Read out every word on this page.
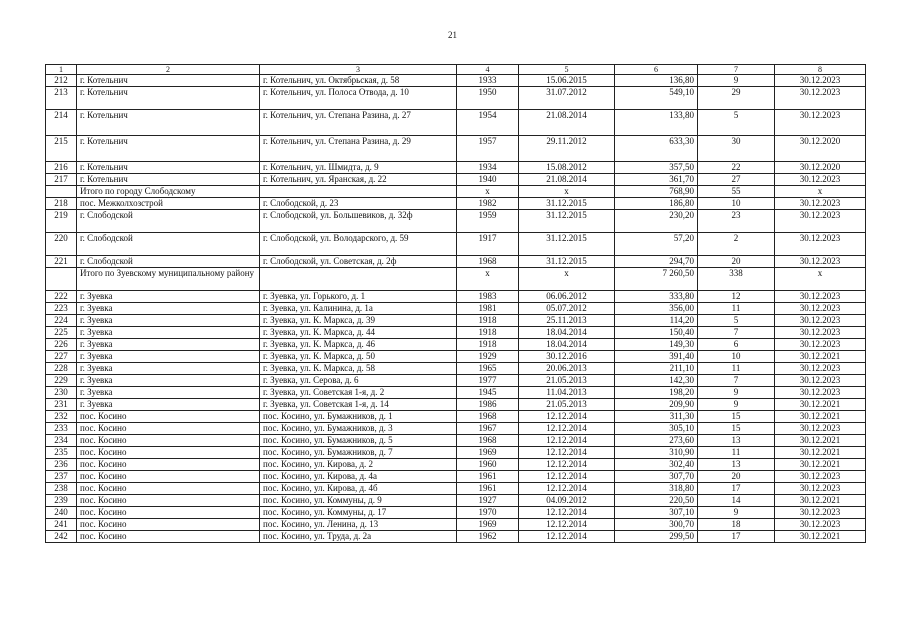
21
1	2	3	4	5	6	7	8
212	г. Котельнич	г. Котельнич, ул. Октябрьская, д. 58	1933	15.06.2015	136,80	9	30.12.2023
213	г. Котельнич	г. Котельнич, ул. Полоса Отвода, д. 10	1950	31.07.2012	549,10	29	30.12.2023
214	г. Котельнич	г. Котельнич, ул. Степана Разина, д. 27	1954	21.08.2014	133,80	5	30.12.2023
215	г. Котельнич	г. Котельнич, ул. Степана Разина, д. 29	1957	29.11.2012	633,30	30	30.12.2020
216	г. Котельнич	г. Котельнич, ул. Шмидта, д. 9	1934	15.08.2012	357,50	22	30.12.2020
217	г. Котельнич	г. Котельнич, ул. Яранская, д. 22	1940	21.08.2014	361,70	27	30.12.2023
	Итого по городу Слободскому		x	x	768,90	55	x
218	пос. Межколхозстрой	г. Слободской, д. 23	1982	31.12.2015	186,80	10	30.12.2023
219	г. Слободской	г. Слободской, ул. Большевиков, д. 32ф	1959	31.12.2015	230,20	23	30.12.2023
220	г. Слободской	г. Слободской, ул. Володарского, д. 59	1917	31.12.2015	57,20	2	30.12.2023
221	г. Слободской	г. Слободской, ул. Советская, д. 2ф	1968	31.12.2015	294,70	20	30.12.2023
	Итого по Зуевскому муниципальному району		x	x	7 260,50	338	x
222	г. Зуевка	г. Зуевка, ул. Горького, д. 1	1983	06.06.2012	333,80	12	30.12.2023
223	г. Зуевка	г. Зуевка, ул. Калинина, д. 1а	1981	05.07.2012	356,00	11	30.12.2023
224	г. Зуевка	г. Зуевка, ул. К. Маркса, д. 39	1918	25.11.2013	114,20	5	30.12.2023
225	г. Зуевка	г. Зуевка, ул. К. Маркса, д. 44	1918	18.04.2014	150,40	7	30.12.2023
226	г. Зуевка	г. Зуевка, ул. К. Маркса, д. 46	1918	18.04.2014	149,30	6	30.12.2023
227	г. Зуевка	г. Зуевка, ул. К. Маркса, д. 50	1929	30.12.2016	391,40	10	30.12.2021
228	г. Зуевка	г. Зуевка, ул. К. Маркса, д. 58	1965	20.06.2013	211,10	11	30.12.2023
229	г. Зуевка	г. Зуевка, ул. Серова, д. 6	1977	21.05.2013	142,30	7	30.12.2023
230	г. Зуевка	г. Зуевка, ул. Советская 1-я, д. 2	1945	11.04.2013	198,20	9	30.12.2023
231	г. Зуевка	г. Зуевка, ул. Советская 1-я, д. 14	1986	21.05.2013	209,90	9	30.12.2021
232	пос. Косино	пос. Косино, ул. Бумажников, д. 1	1968	12.12.2014	311,30	15	30.12.2021
233	пос. Косино	пос. Косино, ул. Бумажников, д. 3	1967	12.12.2014	305,10	15	30.12.2023
234	пос. Косино	пос. Косино, ул. Бумажников, д. 5	1968	12.12.2014	273,60	13	30.12.2021
235	пос. Косино	пос. Косино, ул. Бумажников, д. 7	1969	12.12.2014	310,90	11	30.12.2021
236	пос. Косино	пос. Косино, ул. Кирова, д. 2	1960	12.12.2014	302,40	13	30.12.2021
237	пос. Косино	пос. Косино, ул. Кирова, д. 4а	1961	12.12.2014	307,70	20	30.12.2023
238	пос. Косино	пос. Косино, ул. Кирова, д. 4б	1961	12.12.2014	318,80	17	30.12.2023
239	пос. Косино	пос. Косино, ул. Коммуны, д. 9	1927	04.09.2012	220,50	14	30.12.2021
240	пос. Косино	пос. Косино, ул. Коммуны, д. 17	1970	12.12.2014	307,10	9	30.12.2023
241	пос. Косино	пос. Косино, ул. Ленина, д. 13	1969	12.12.2014	300,70	18	30.12.2023
242	пос. Косино	пос. Косино, ул. Труда, д. 2а	1962	12.12.2014	299,50	17	30.12.2021
